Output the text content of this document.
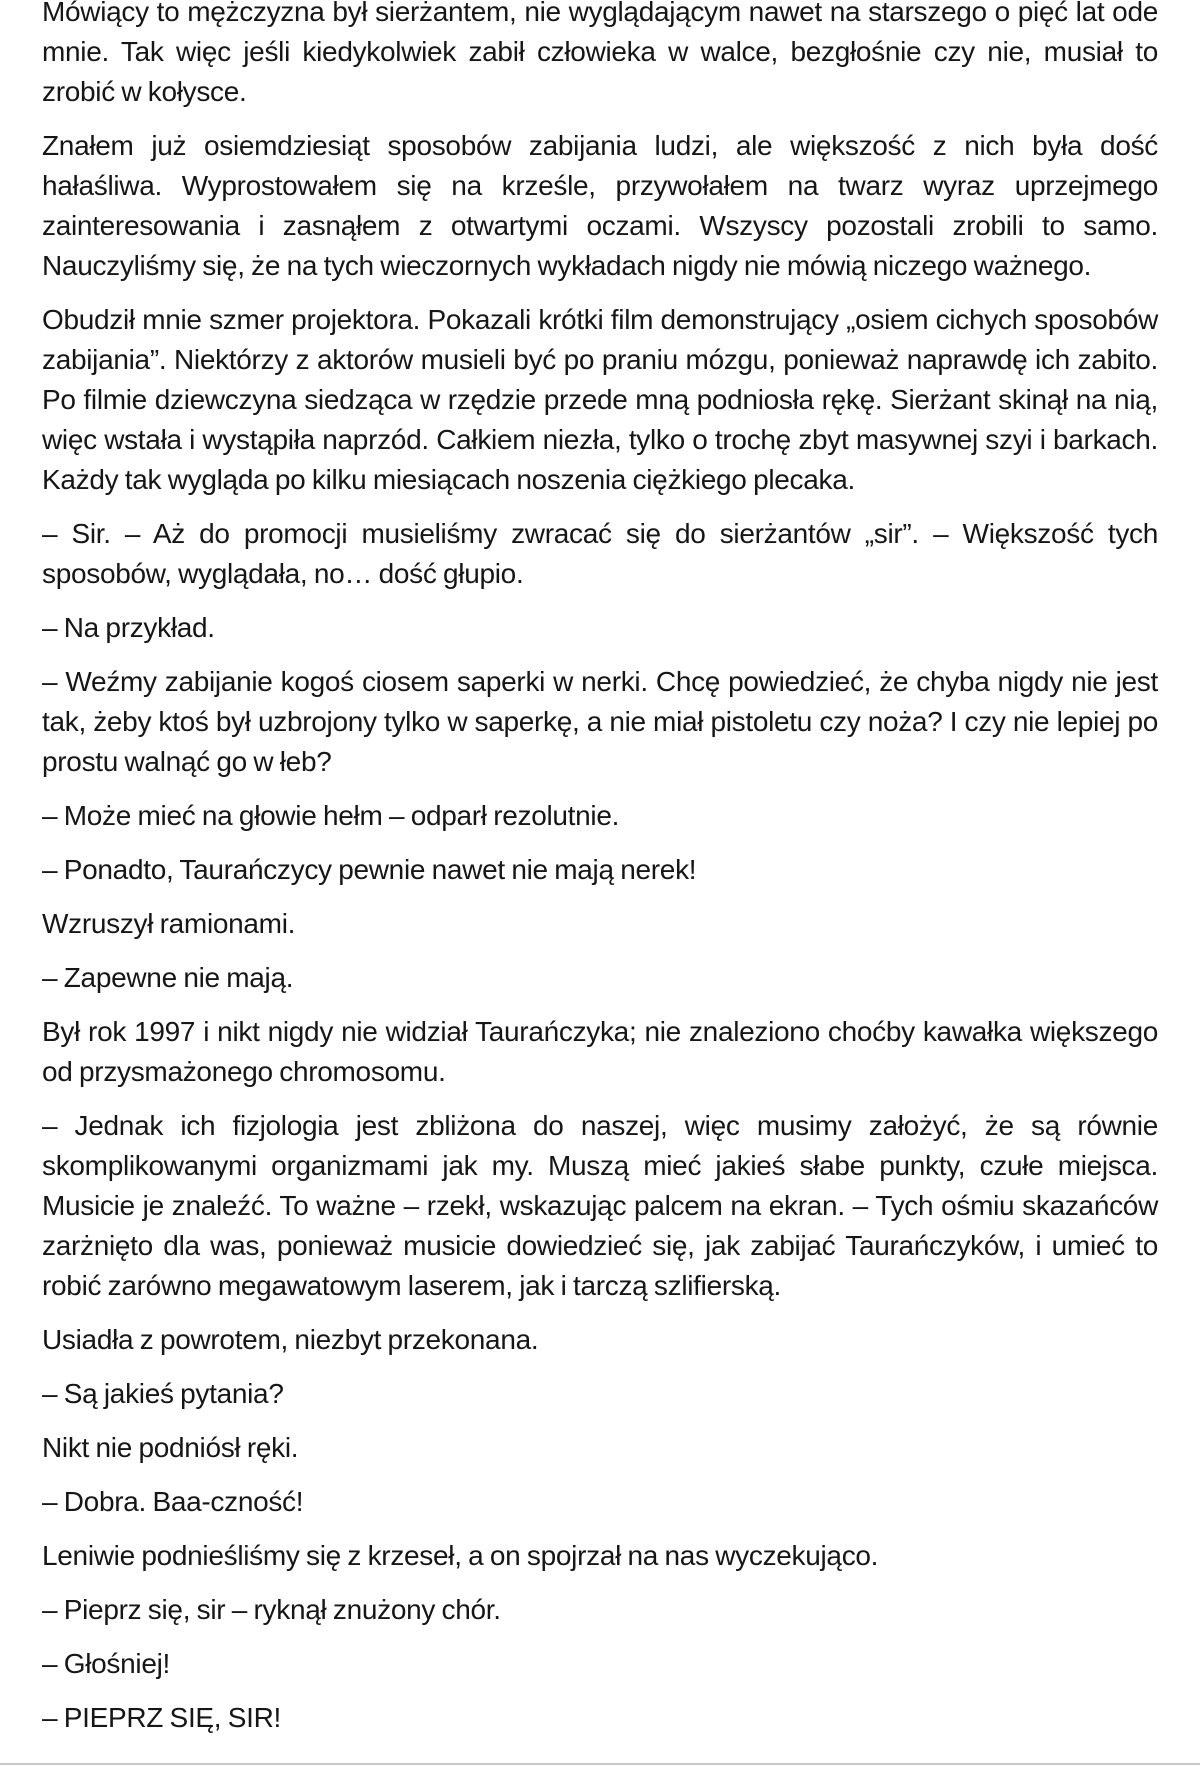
Mówiący to mężczyzna był sierżantem, nie wyglądającym nawet na starszego o pięć lat ode mnie. Tak więc jeśli kiedykolwiek zabił człowieka w walce, bezgłośnie czy nie, musiał to zrobić w kołysce.

Znałem już osiemdziesiąt sposobów zabijania ludzi, ale większość z nich była dość hałaśliwa. Wyprostowałem się na krześle, przywołałem na twarz wyraz uprzejmego zainteresowania i zasnąłem z otwartymi oczami. Wszyscy pozostali zrobili to samo. Nauczyliśmy się, że na tych wieczornych wykładach nigdy nie mówią niczego ważnego.

Obudził mnie szmer projektora. Pokazali krótki film demonstrujący „osiem cichych sposobów zabijania”. Niektórzy z aktorów musieli być po praniu mózgu, ponieważ naprawdę ich zabito. Po filmie dziewczyna siedząca w rzędzie przede mną podniosła rękę. Sierżant skinął na nią, więc wstała i wystąpiła naprzód. Całkiem niezła, tylko o trochę zbyt masywnej szyi i barkach. Każdy tak wygląda po kilku miesiącach noszenia ciężkiego plecaka.

– Sir. – Aż do promocji musieliśmy zwracać się do sierżantów „sir”. – Większość tych sposobów, wyglądała, no… dość głupio.

– Na przykład.

– Weźmy zabijanie kogoś ciosem saperki w nerki. Chcę powiedzieć, że chyba nigdy nie jest tak, żeby ktoś był uzbrojony tylko w saperkę, a nie miał pistoletu czy noża? I czy nie lepiej po prostu walnąć go w łeb?

– Może mieć na głowie hełm – odparł rezolutnie.

– Ponadto, Taurańczycy pewnie nawet nie mają nerek!

Wzruszył ramionami.

– Zapewne nie mają.

Był rok 1997 i nikt nigdy nie widział Taurańczyka; nie znaleziono choćby kawałka większego od przysmażonego chromosomu.

– Jednak ich fizjologia jest zbliżona do naszej, więc musimy założyć, że są równie skomplikowanymi organizmami jak my. Muszą mieć jakieś słabe punkty, czułe miejsca. Musicie je znaleźć. To ważne – rzekł, wskazując palcem na ekran. – Tych ośmiu skazańców zarżnięto dla was, ponieważ musicie dowiedzieć się, jak zabijać Taurańczyków, i umieć to robić zarówno megawatowym laserem, jak i tarczą szlifierską.

Usiadła z powrotem, niezbyt przekonana.

– Są jakieś pytania?

Nikt nie podniósł ręki.

– Dobra. Baa-czność!

Leniwie podnieśliśmy się z krzeseł, a on spojrzał na nas wyczekująco.

– Pieprz się, sir – ryknął znużony chór.

– Głośniej!

– PIEPRZ SIĘ, SIR!
